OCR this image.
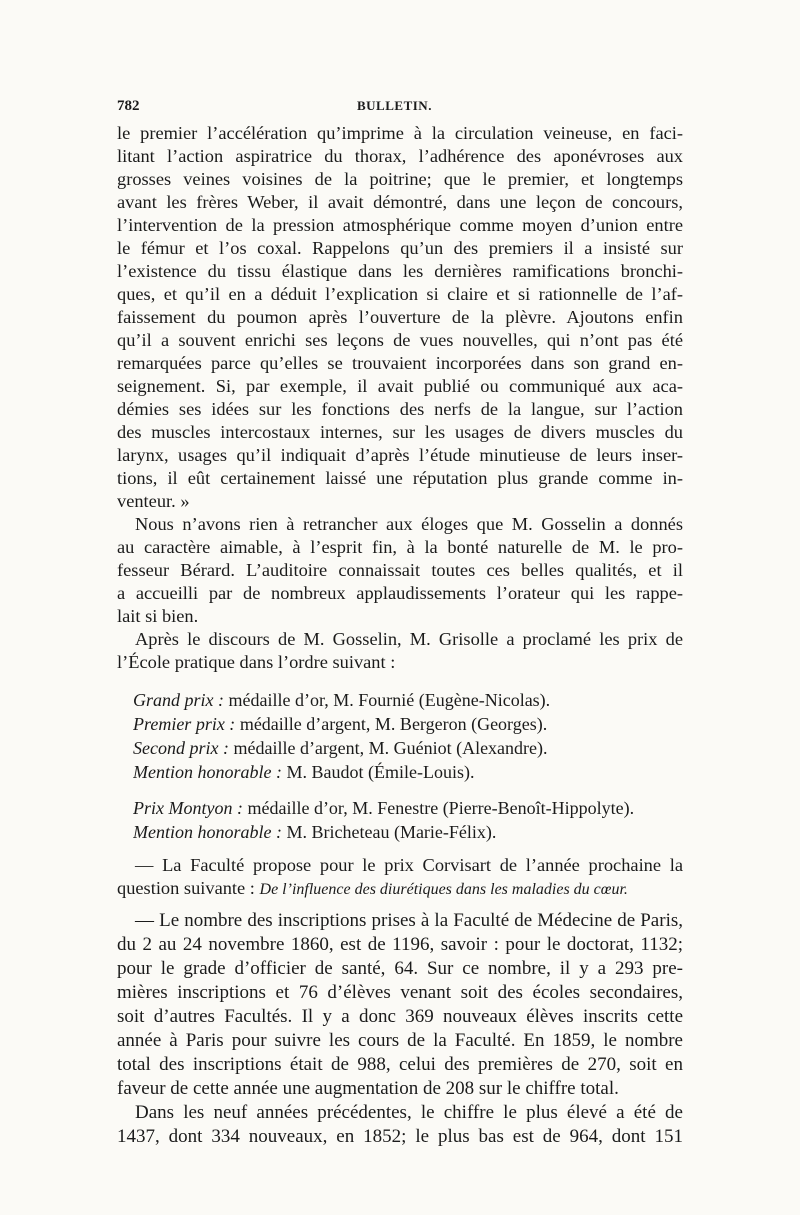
782	BULLETIN.
le premier l’accélération qu’imprime à la circulation veineuse, en faci-
litant l’action aspiratrice du thorax, l’adhérence des aponévroses aux
grosses veines voisines de la poitrine; que le premier, et longtemps
avant les frères Weber, il avait démontré, dans une leçon de concours,
l’intervention de la pression atmosphérique comme moyen d’union entre
le fémur et l’os coxal. Rappelons qu’un des premiers il a insisté sur
l’existence du tissu élastique dans les dernières ramifications bronchi-
ques, et qu’il en a déduit l’explication si claire et si rationnelle de l’af-
faissement du poumon après l’ouverture de la plèvre. Ajoutons enfin
qu’il a souvent enrichi ses leçons de vues nouvelles, qui n’ont pas été
remarquées parce qu’elles se trouvaient incorporées dans son grand en-
seignement. Si, par exemple, il avait publié ou communiqué aux aca-
démies ses idées sur les fonctions des nerfs de la langue, sur l’action
des muscles intercostaux internes, sur les usages de divers muscles du
larynx, usages qu’il indiquait d’après l’étude minutieuse de leurs inser-
tions, il eût certainement laissé une réputation plus grande comme in-
venteur. »
Nous n’avons rien à retrancher aux éloges que M. Gosselin a donnés
au caractère aimable, à l’esprit fin, à la bonté naturelle de M. le pro-
fesseur Bérard. L’auditoire connaissait toutes ces belles qualités, et il
a accueilli par de nombreux applaudissements l’orateur qui les rappe-
lait si bien.
Après le discours de M. Gosselin, M. Grisolle a proclamé les prix de
l’École pratique dans l’ordre suivant :
Grand prix : médaille d’or, M. Fournié (Eugène-Nicolas).
Premier prix : médaille d’argent, M. Bergeron (Georges).
Second prix : médaille d’argent, M. Guéniot (Alexandre).
Mention honorable : M. Baudot (Émile-Louis).
Prix Montyon : médaille d’or, M. Fenestre (Pierre-Benoît-Hippolyte).
Mention honorable : M. Bricheteau (Marie-Félix).
— La Faculté propose pour le prix Corvisart de l’année prochaine la
question suivante : De l’influence des diurétiques dans les maladies du cœur.
— Le nombre des inscriptions prises à la Faculté de Médecine de Paris,
du 2 au 24 novembre 1860, est de 1196, savoir : pour le doctorat, 1132;
pour le grade d’officier de santé, 64. Sur ce nombre, il y a 293 pre-
mières inscriptions et 76 d’élèves venant soit des écoles secondaires,
soit d’autres Facultés. Il y a donc 369 nouveaux élèves inscrits cette
année à Paris pour suivre les cours de la Faculté. En 1859, le nombre
total des inscriptions était de 988, celui des premières de 270, soit en
faveur de cette année une augmentation de 208 sur le chiffre total.
Dans les neuf années précédentes, le chiffre le plus élevé a été de
1437, dont 334 nouveaux, en 1852; le plus bas est de 964, dont 151
